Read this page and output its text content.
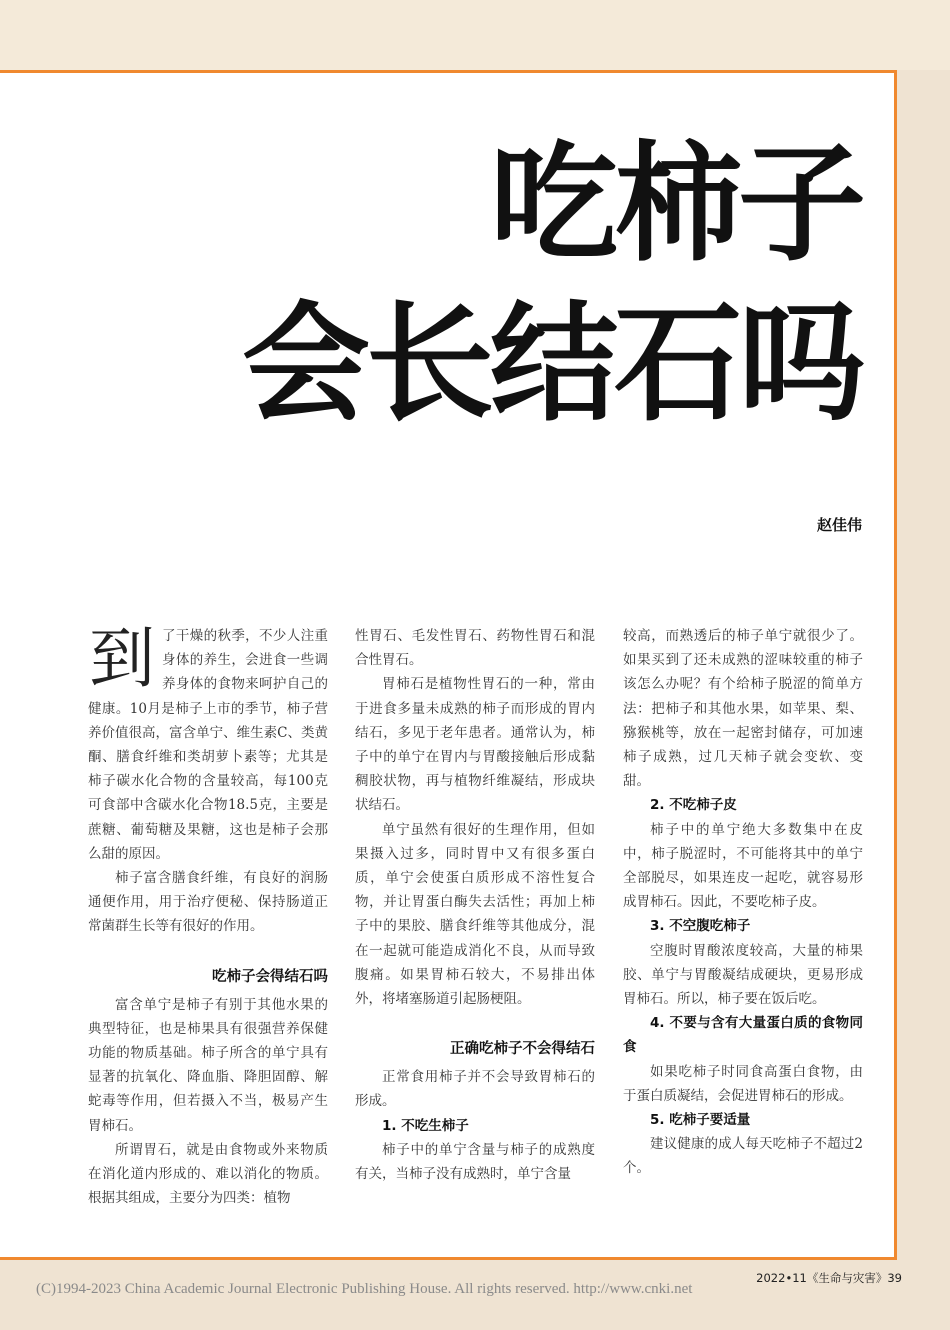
吃柿子
会长结石吗
赵佳伟
到 了干燥的秋季，不少人注重身体的养生，会进食一些调养身体的食物来呵护自己的健康。10月是柿子上市的季节，柿子营养价值很高，富含单宁、维生素C、类黄酮、膳食纤维和类胡萝卜素等；尤其是柿子碳水化合物的含量较高，每100克可食部中含碳水化合物18.5克，主要是蔗糖、葡萄糖及果糖，这也是柿子会那么甜的原因。

柿子富含膳食纤维，有良好的润肠通便作用，用于治疗便秘、保持肠道正常菌群生长等有很好的作用。

吃柿子会得结石吗

富含单宁是柿子有别于其他水果的典型特征，也是柿果具有很强营养保健功能的物质基础。柿子所含的单宁具有显著的抗氧化、降血脂、降胆固醇、解蛇毒等作用，但若摄入不当，极易产生胃柿石。

所谓胃石，就是由食物或外来物质在消化道内形成的、难以消化的物质。根据其组成，主要分为四类：植物

性胃石、毛发性胃石、药物性胃石和混合性胃石。

胃柿石是植物性胃石的一种，常由于进食多量未成熟的柿子而形成的胃内结石，多见于老年患者。通常认为，柿子中的单宁在胃内与胃酸接触后形成黏稠胶状物，再与植物纤维凝结，形成块状结石。

单宁虽然有很好的生理作用，但如果摄入过多，同时胃中又有很多蛋白质，单宁会使蛋白质形成不溶性复合物，并让胃蛋白酶失去活性；再加上柿子中的果胶、膳食纤维等其他成分，混在一起就可能造成消化不良，从而导致腹痛。如果胃柿石较大，不易排出体外，将堵塞肠道引起肠梗阻。

正确吃柿子不会得结石

正常食用柿子并不会导致胃柿石的形成。

1. 不吃生柿子

柿子中的单宁含量与柿子的成熟度有关，当柿子没有成熟时，单宁含量

较高，而熟透后的柿子单宁就很少了。如果买到了还未成熟的涩味较重的柿子该怎么办呢？有个给柿子脱涩的简单方法：把柿子和其他水果，如苹果、梨、猕猴桃等，放在一起密封储存，可加速柿子成熟，过几天柿子就会变软、变甜。

2. 不吃柿子皮

柿子中的单宁绝大多数集中在皮中，柿子脱涩时，不可能将其中的单宁全部脱尽，如果连皮一起吃，就容易形成胃柿石。因此，不要吃柿子皮。

3. 不空腹吃柿子

空腹时胃酸浓度较高，大量的柿果胶、单宁与胃酸凝结成硬块，更易形成胃柿石。所以，柿子要在饭后吃。

4. 不要与含有大量蛋白质的食物同食

如果吃柿子时同食高蛋白食物，由于蛋白质凝结，会促进胃柿石的形成。

5. 吃柿子要适量

建议健康的成人每天吃柿子不超过2个。

2022•11《生命与灾害》39
(C)1994-2023 China Academic Journal Electronic Publishing House. All rights reserved. http://www.cnki.net
